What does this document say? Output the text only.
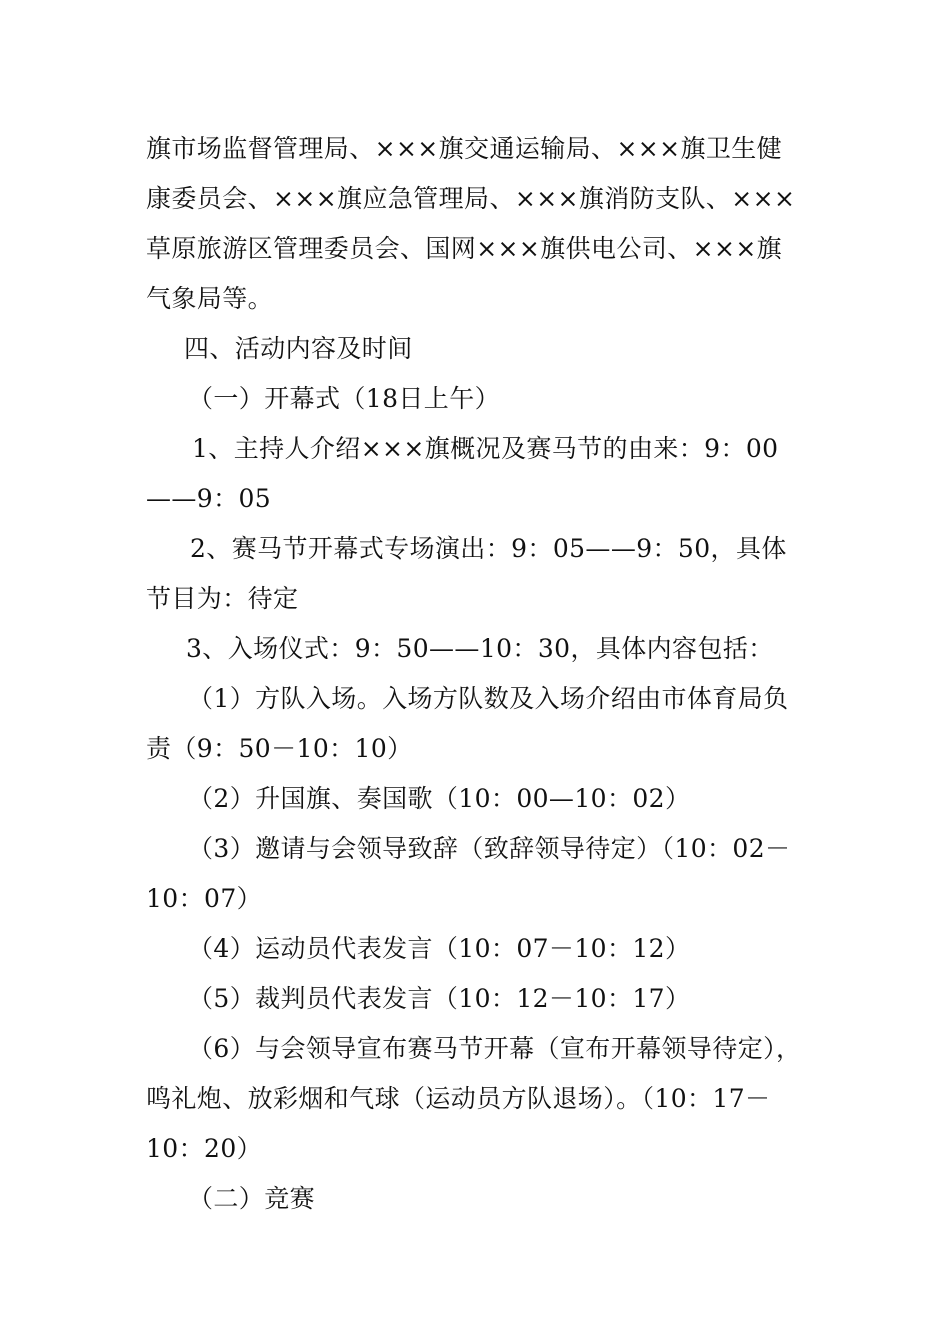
旗市场监督管理局、×××旗交通运输局、×××旗卫生健
康委员会、×××旗应急管理局、×××旗消防支队、×××
草原旅游区管理委员会、国网×××旗供电公司、×××旗
气象局等。
四、活动内容及时间
（一）开幕式（18日上午）
1、主持人介绍×××旗概况及赛马节的由来：9：00
——9：05
2、赛马节开幕式专场演出：9：05——9：50，具体
节目为：待定
3、入场仪式：9：50——10：30，具体内容包括：
（1）方队入场。入场方队数及入场介绍由市体育局负
责（9：50－10：10）
（2）升国旗、奏国歌（10：00—10：02）
（3）邀请与会领导致辞（致辞领导待定）（10：02－
10：07）
（4）运动员代表发言（10：07－10：12）
（5）裁判员代表发言（10：12－10：17）
（6）与会领导宣布赛马节开幕（宣布开幕领导待定），
鸣礼炮、放彩烟和气球（运动员方队退场）。（10：17－
10：20）
（二）竞赛
